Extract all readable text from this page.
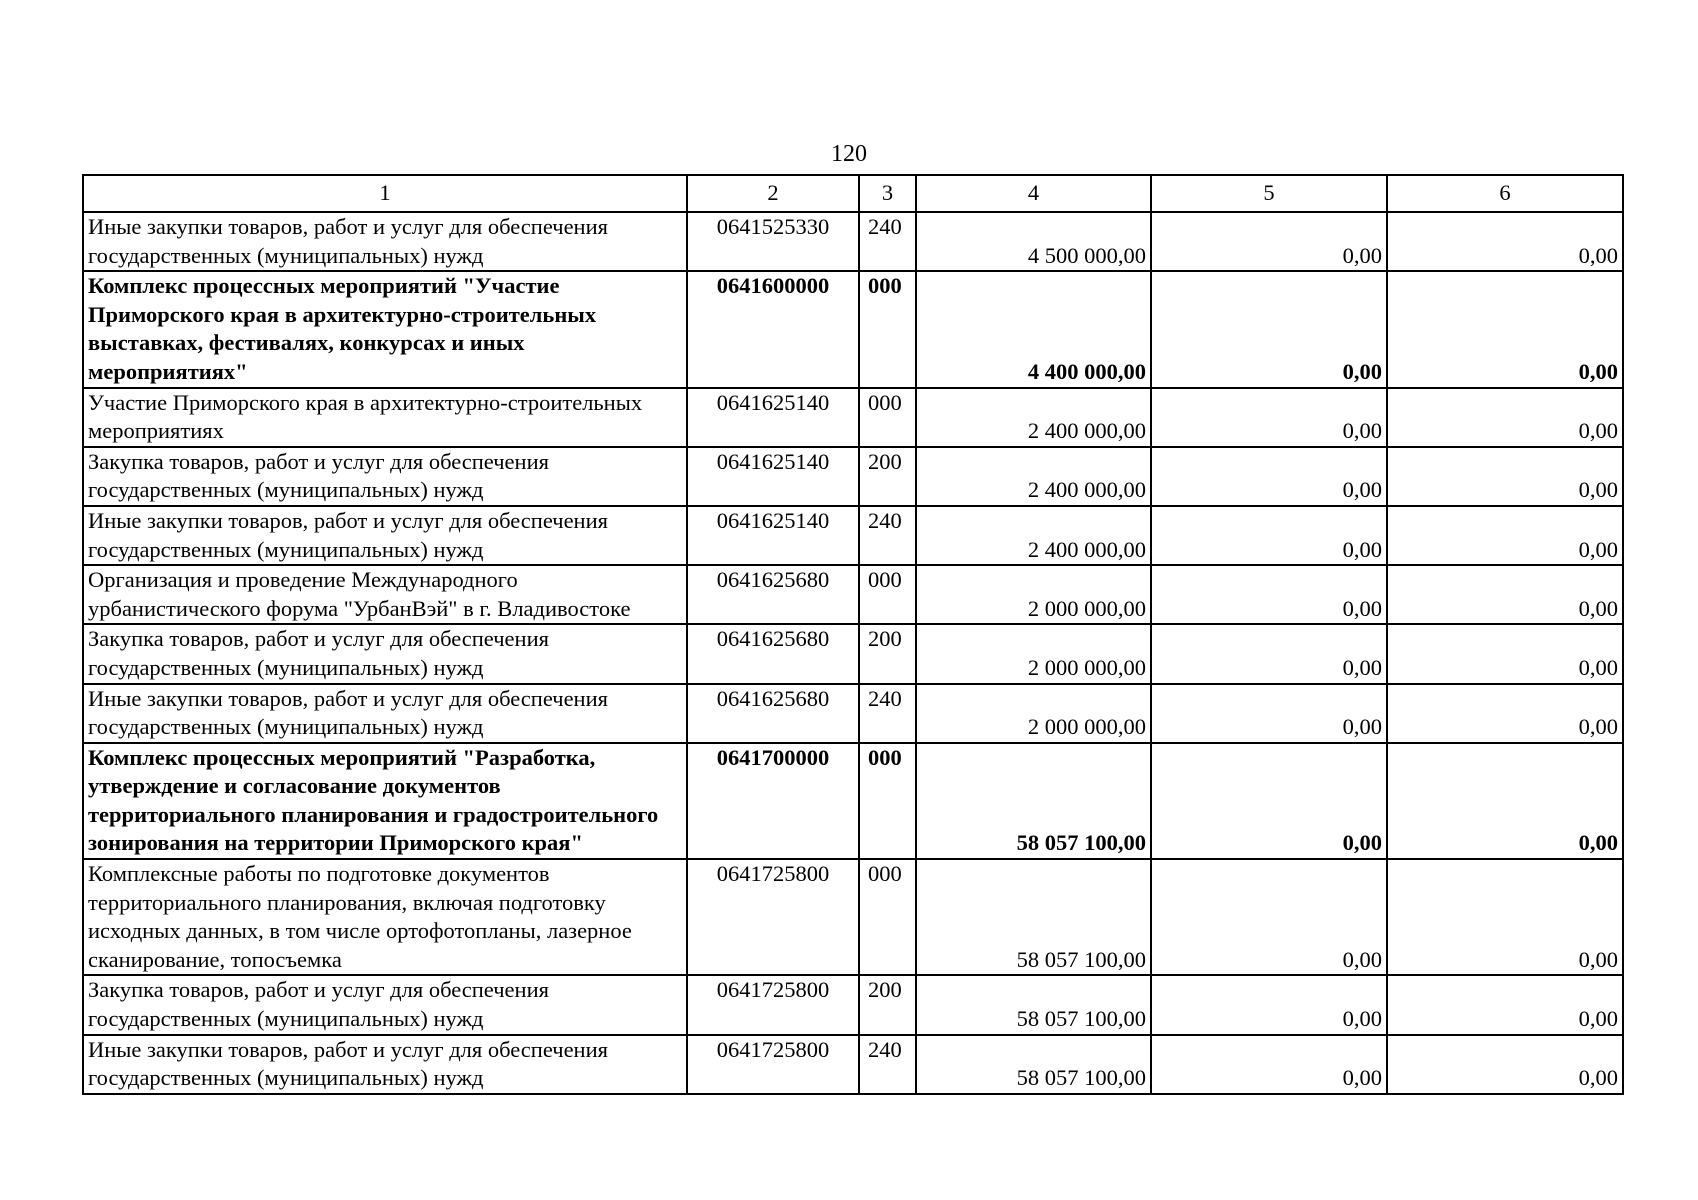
120
1	2	3	4	5	6
Иные закупки товаров, работ и услуг для обеспечения государственных (муниципальных) нужд	0641525330	240	4 500 000,00	0,00	0,00
Комплекс процессных мероприятий "Участие Приморского края в архитектурно-строительных выставках, фестивалях, конкурсах и иных мероприятиях"	0641600000	000	4 400 000,00	0,00	0,00
Участие Приморского края в архитектурно-строительных мероприятиях	0641625140	000	2 400 000,00	0,00	0,00
Закупка товаров, работ и услуг для обеспечения государственных (муниципальных) нужд	0641625140	200	2 400 000,00	0,00	0,00
Иные закупки товаров, работ и услуг для обеспечения государственных (муниципальных) нужд	0641625140	240	2 400 000,00	0,00	0,00
Организация и проведение Международного урбанистического форума "УрбанВэй" в г. Владивостоке	0641625680	000	2 000 000,00	0,00	0,00
Закупка товаров, работ и услуг для обеспечения государственных (муниципальных) нужд	0641625680	200	2 000 000,00	0,00	0,00
Иные закупки товаров, работ и услуг для обеспечения государственных (муниципальных) нужд	0641625680	240	2 000 000,00	0,00	0,00
Комплекс процессных мероприятий "Разработка, утверждение и согласование документов территориального планирования и градостроительного зонирования на территории Приморского края"	0641700000	000	58 057 100,00	0,00	0,00
Комплексные работы по подготовке документов территориального планирования, включая подготовку исходных данных, в том числе ортофотопланы, лазерное сканирование, топосъемка	0641725800	000	58 057 100,00	0,00	0,00
Закупка товаров, работ и услуг для обеспечения государственных (муниципальных) нужд	0641725800	200	58 057 100,00	0,00	0,00
Иные закупки товаров, работ и услуг для обеспечения государственных (муниципальных) нужд	0641725800	240	58 057 100,00	0,00	0,00
